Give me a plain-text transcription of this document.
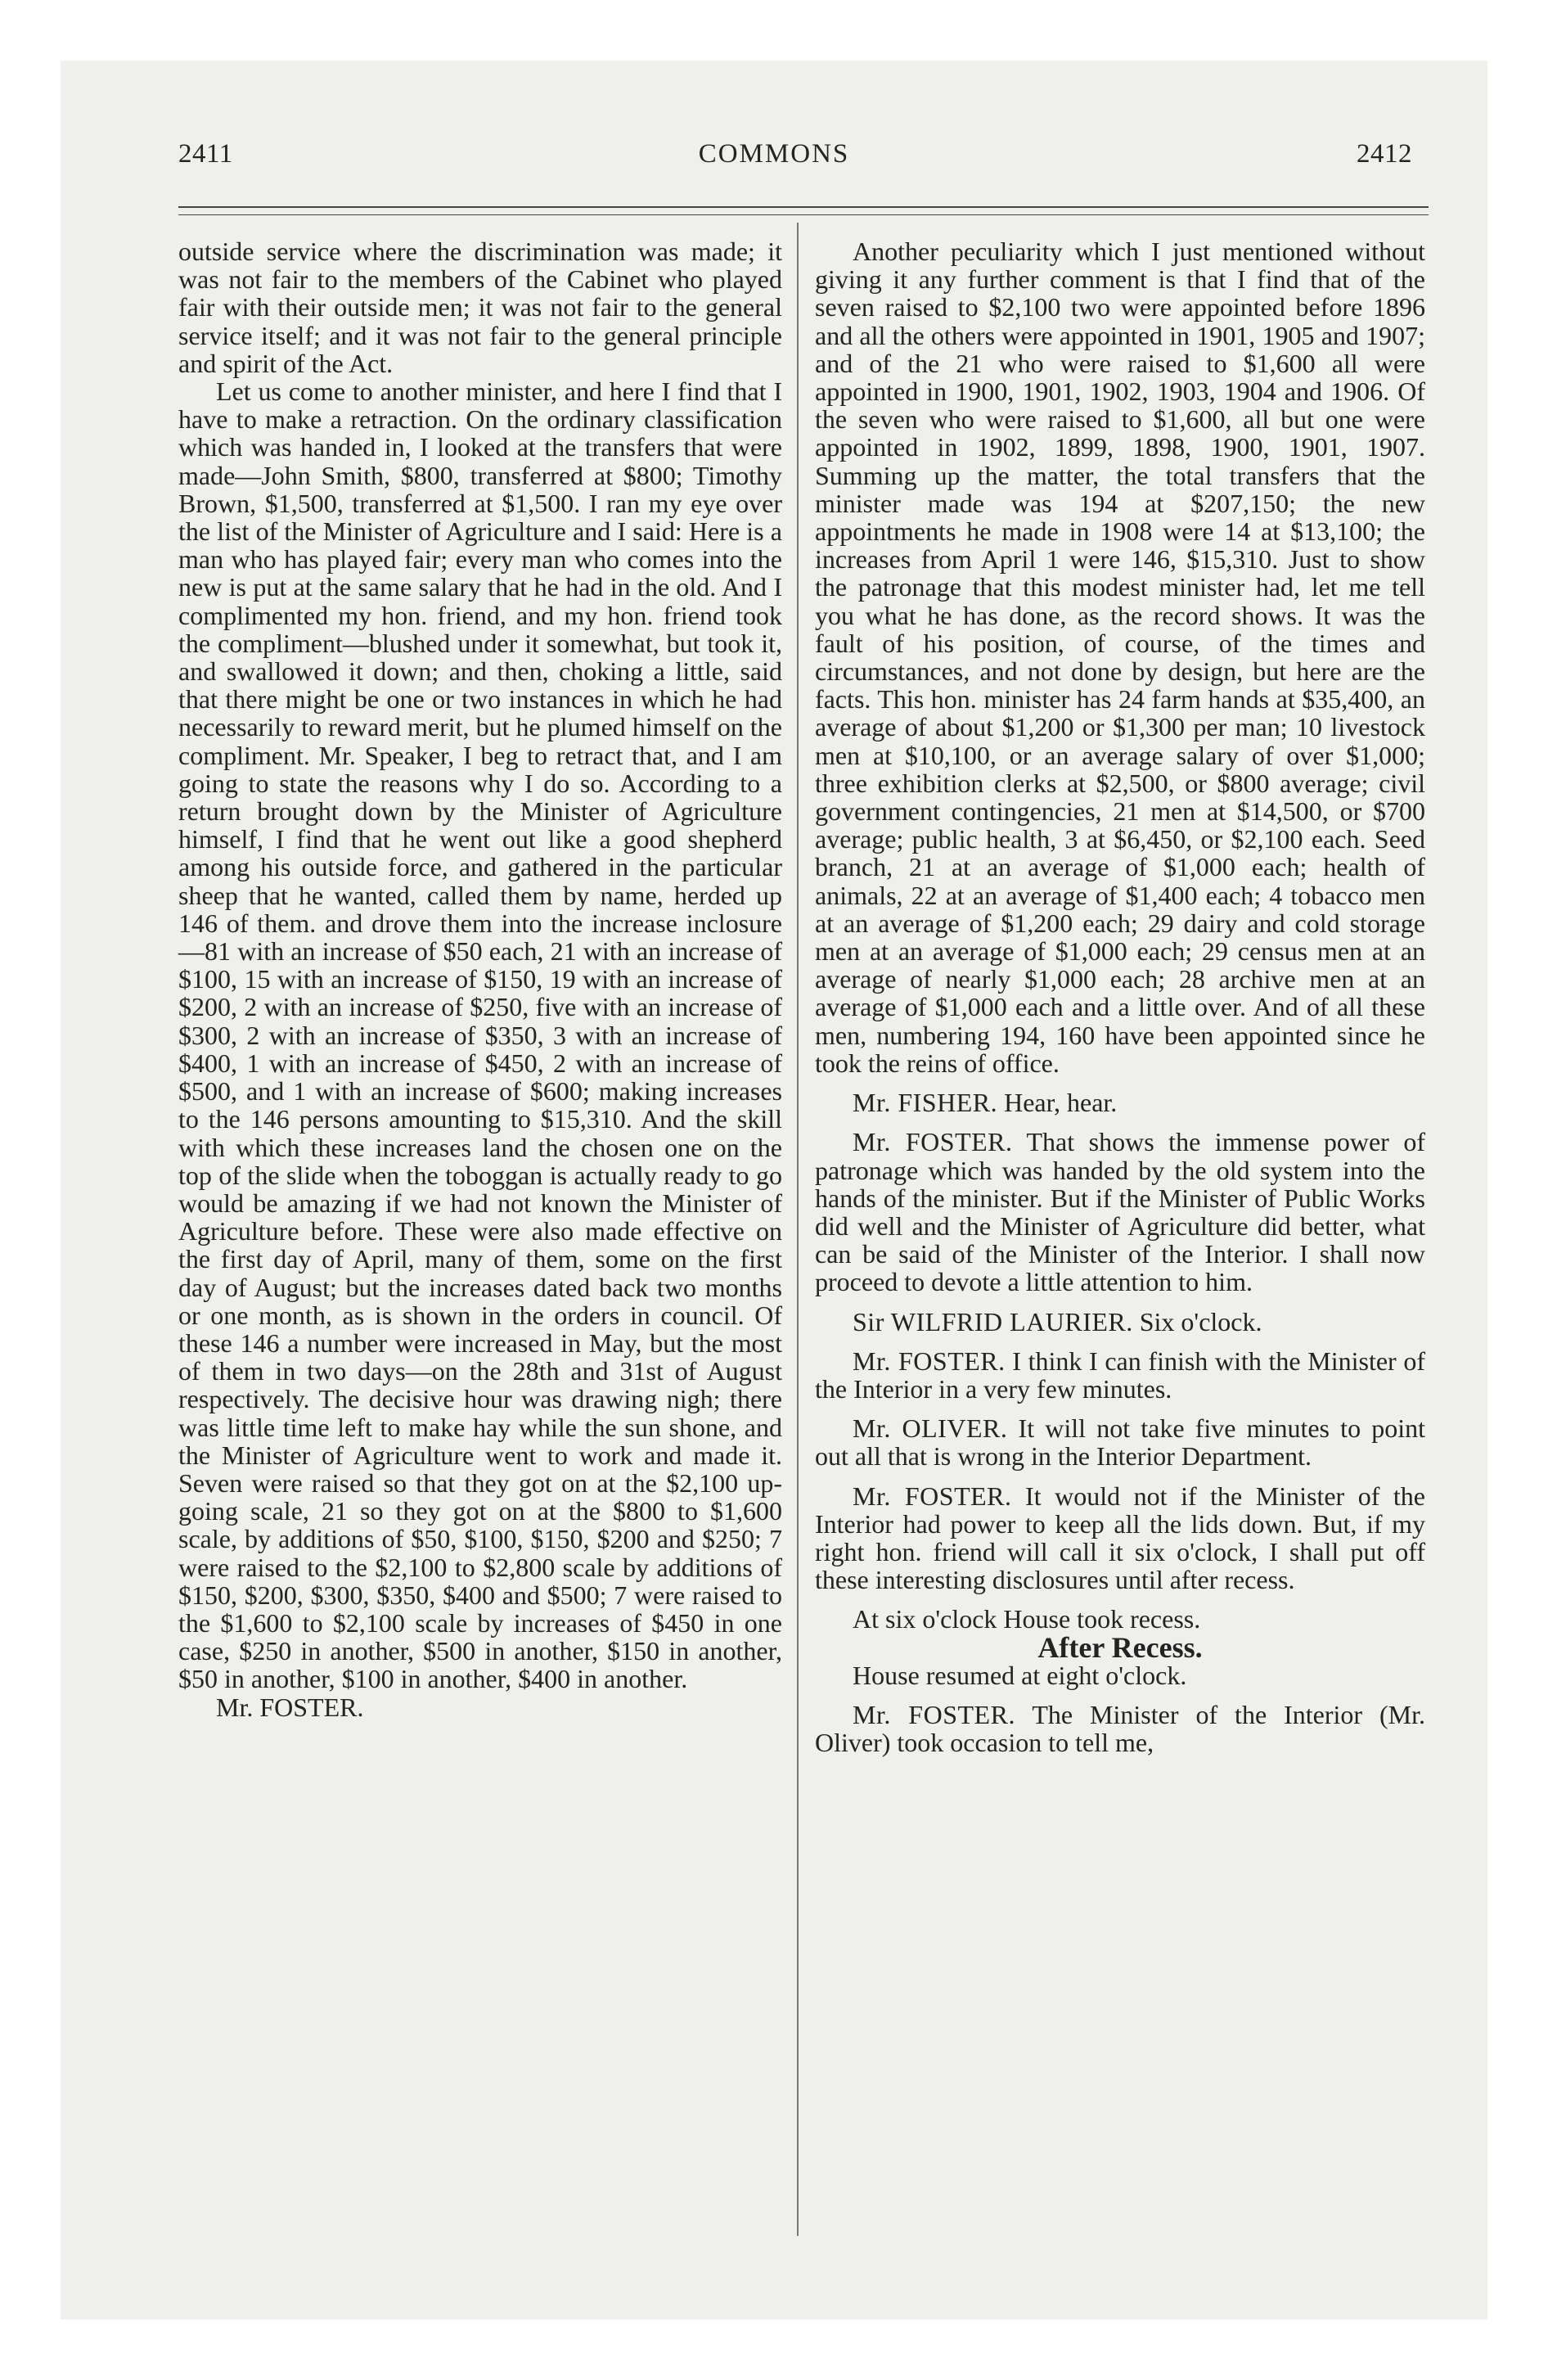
2411	COMMONS	2412

outside service where the discrimination was made; it was not fair to the members of the Cabinet who played fair with their outside men; it was not fair to the general service itself; and it was not fair to the general principle and spirit of the Act.

Let us come to another minister, and here I find that I have to make a retraction. On the ordinary classification which was handed in, I looked at the transfers that were made—John Smith, $800, transferred at $800; Timothy Brown, $1,500, transferred at $1,500. I ran my eye over the list of the Minister of Agriculture and I said: Here is a man who has played fair; every man who comes into the new is put at the same salary that he had in the old. And I complimented my hon. friend, and my hon. friend took the compliment—blushed under it somewhat, but took it, and swallowed it down; and then, choking a little, said that there might be one or two instances in which he had necessarily to reward merit, but he plumed himself on the compliment. Mr. Speaker, I beg to retract that, and I am going to state the reasons why I do so. According to a return brought down by the Minister of Agriculture himself, I find that he went out like a good shepherd among his outside force, and gathered in the particular sheep that he wanted, called them by name, herded up 146 of them. and drove them into the increase inclosure—81 with an increase of $50 each, 21 with an increase of $100, 15 with an increase of $150, 19 with an increase of $200, 2 with an increase of $250, five with an increase of $300, 2 with an increase of $350, 3 with an increase of $400, 1 with an increase of $450, 2 with an increase of $500, and 1 with an increase of $600; making increases to the 146 persons amounting to $15,310. And the skill with which these increases land the chosen one on the top of the slide when the toboggan is actually ready to go would be amazing if we had not known the Minister of Agriculture before. These were also made effective on the first day of April, many of them, some on the first day of August; but the increases dated back two months or one month, as is shown in the orders in council. Of these 146 a number were increased in May, but the most of them in two days—on the 28th and 31st of August respectively. The decisive hour was drawing nigh; there was little time left to make hay while the sun shone, and the Minister of Agriculture went to work and made it. Seven were raised so that they got on at the $2,100 up-going scale, 21 so they got on at the $800 to $1,600 scale, by additions of $50, $100, $150, $200 and $250; 7 were raised to the $2,100 to $2,800 scale by additions of $150, $200, $300, $350, $400 and $500; 7 were raised to the $1,600 to $2,100 scale by increases of $450 in one case, $250 in another, $500 in another, $150 in another, $50 in another, $100 in another, $400 in another.

Mr. FOSTER.

Another peculiarity which I just mentioned without giving it any further comment is that I find that of the seven raised to $2,100 two were appointed before 1896 and all the others were appointed in 1901, 1905 and 1907; and of the 21 who were raised to $1,600 all were appointed in 1900, 1901, 1902, 1903, 1904 and 1906. Of the seven who were raised to $1,600, all but one were appointed in 1902, 1899, 1898, 1900, 1901, 1907. Summing up the matter, the total transfers that the minister made was 194 at $207,150; the new appointments he made in 1908 were 14 at $13,100; the increases from April 1 were 146, $15,310. Just to show the patronage that this modest minister had, let me tell you what he has done, as the record shows. It was the fault of his position, of course, of the times and circumstances, and not done by design, but here are the facts. This hon. minister has 24 farm hands at $35,400, an average of about $1,200 or $1,300 per man; 10 livestock men at $10,100, or an average salary of over $1,000; three exhibition clerks at $2,500, or $800 average; civil government contingencies, 21 men at $14,500, or $700 average; public health, 3 at $6,450, or $2,100 each. Seed branch, 21 at an average of $1,000 each; health of animals, 22 at an average of $1,400 each; 4 tobacco men at an average of $1,200 each; 29 dairy and cold storage men at an average of $1,000 each; 29 census men at an average of nearly $1,000 each; 28 archive men at an average of $1,000 each and a little over. And of all these men, numbering 194, 160 have been appointed since he took the reins of office.

Mr. FISHER. Hear, hear.

Mr. FOSTER. That shows the immense power of patronage which was handed by the old system into the hands of the minister. But if the Minister of Public Works did well and the Minister of Agriculture did better, what can be said of the Minister of the Interior. I shall now proceed to devote a little attention to him.

Sir WILFRID LAURIER. Six o'clock.

Mr. FOSTER. I think I can finish with the Minister of the Interior in a very few minutes.

Mr. OLIVER. It will not take five minutes to point out all that is wrong in the Interior Department.

Mr. FOSTER. It would not if the Minister of the Interior had power to keep all the lids down. But, if my right hon. friend will call it six o'clock, I shall put off these interesting disclosures until after recess.

At six o'clock House took recess.

After Recess.

House resumed at eight o'clock.

Mr. FOSTER. The Minister of the Interior (Mr. Oliver) took occasion to tell me,
